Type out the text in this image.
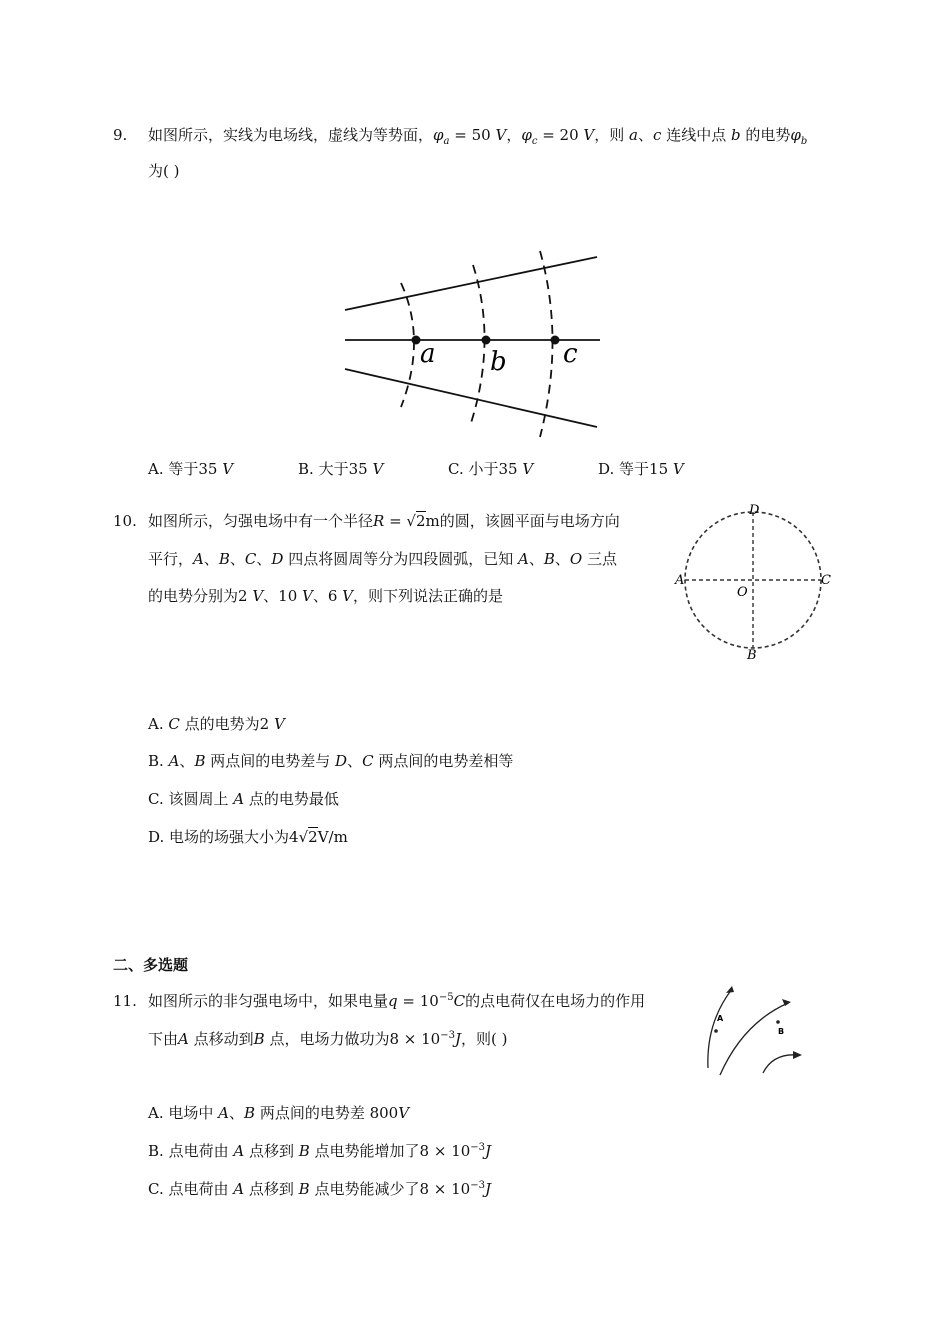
9. 如图所示，实线为电场线，虚线为等势面，$\varphi_a = 50$ V，$\varphi_c = 20$ V，则 a、c 连线中点 b 的电势$\varphi_b$
为( )
a b c
A. 等于35 V	B. 大于35 V	C. 小于35 V	D. 等于15 V
10. 如图所示，匀强电场中有一个半径R = √2m的圆，该圆平面与电场方向
平行，A、B、C、D 四点将圆周等分为四段圆弧，已知 A、B、O 三点
的电势分别为2 V、10 V、6 V，则下列说法正确的是
D
A
O
C
B
A. C 点的电势为2 V
B. A、B 两点间的电势差与 D、C 两点间的电势差相等
C. 该圆周上 A 点的电势最低
D. 电场的场强大小为4√2V/m
二、多选题
11. 如图所示的非匀强电场中，如果电量$q = 10^{-5}C$的点电荷仅在电场力的作用
下由A 点移动到B 点，电场力做功为$8 \times 10^{-3}J$，则( )
A
B
A. 电场中 A、B 两点间的电势差 800V
B. 点电荷由 A 点移到 B 点电势能增加了$8 \times 10^{-3}J$
C. 点电荷由 A 点移到 B 点电势能减少了$8 \times 10^{-3}J$
